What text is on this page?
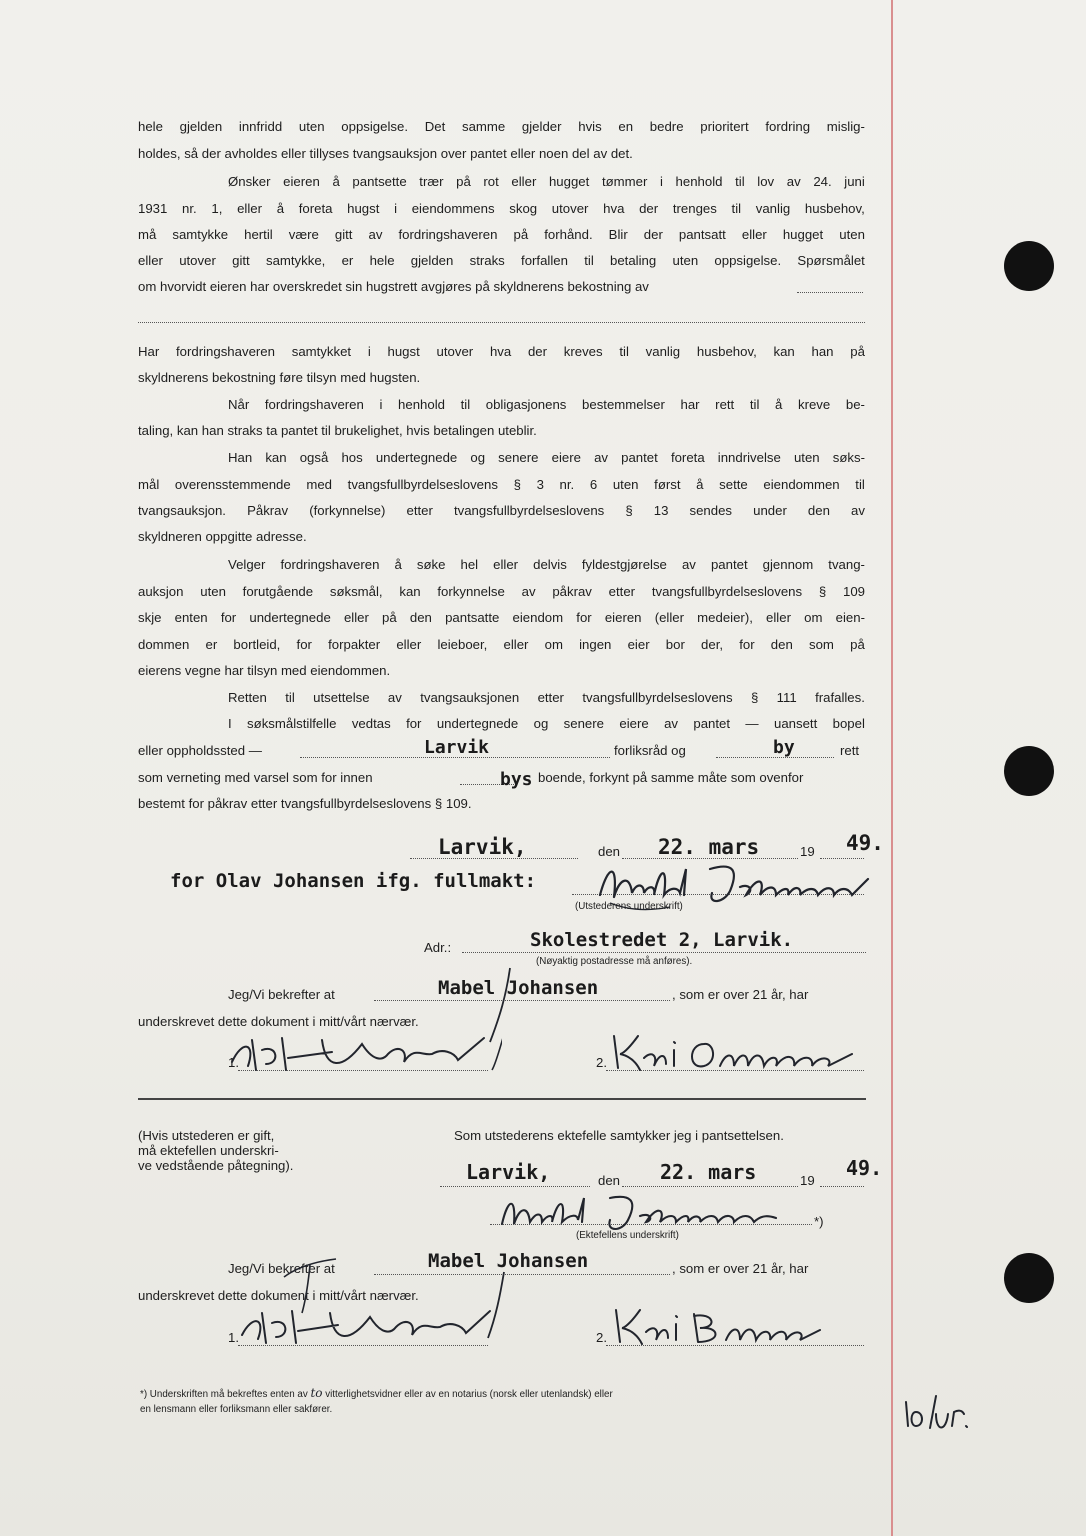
hele gjelden innfridd uten oppsigelse. Det samme gjelder hvis en bedre prioritert fordring mislig-
holdes, så der avholdes eller tillyses tvangsauksjon over pantet eller noen del av det.
Ønsker eieren å pantsette trær på rot eller hugget tømmer i henhold til lov av 24. juni
1931 nr. 1, eller å foreta hugst i eiendommens skog utover hva der trenges til vanlig husbehov,
må samtykke hertil være gitt av fordringshaveren på forhånd. Blir der pantsatt eller hugget uten
eller utover gitt samtykke, er hele gjelden straks forfallen til betaling uten oppsigelse. Spørsmålet
om hvorvidt eieren har overskredet sin hugstrett avgjøres på skyldnerens bekostning av
Har fordringshaveren samtykket i hugst utover hva der kreves til vanlig husbehov, kan han på
skyldnerens bekostning føre tilsyn med hugsten.
Når fordringshaveren i henhold til obligasjonens bestemmelser har rett til å kreve be-
taling, kan han straks ta pantet til brukelighet, hvis betalingen uteblir.
Han kan også hos undertegnede og senere eiere av pantet foreta inndrivelse uten søks-
mål overensstemmende med tvangsfullbyrdelseslovens § 3 nr. 6 uten først å sette eiendommen til
tvangsauksjon. Påkrav (forkynnelse) etter tvangsfullbyrdelseslovens § 13 sendes under den av
skyldneren oppgitte adresse.
Velger fordringshaveren å søke hel eller delvis fyldestgjørelse av pantet gjennom tvang-
auksjon uten forutgående søksmål, kan forkynnelse av påkrav etter tvangsfullbyrdelseslovens § 109
skje enten for undertegnede eller på den pantsatte eiendom for eieren (eller medeier), eller om eien-
dommen er bortleid, for forpakter eller leieboer, eller om ingen eier bor der, for den som på
eierens vegne har tilsyn med eiendommen.
Retten til utsettelse av tvangsauksjonen etter tvangsfullbyrdelseslovens § 111 frafalles.
I søksmålstilfelle vedtas for undertegnede og senere eiere av pantet — uansett bopel
eller oppholdssted —	Larvik	forliksråd og	by	rett
som verneting med varsel som for innen	bys boende, forkynt på samme måte som ovenfor
bestemt for påkrav etter tvangsfullbyrdelseslovens § 109.
Larvik,	den 22. mars	19 49.
for Olav Johansen ifg. fullmakt:
(Utstederens underskrift)
Adr.:	Skolestredet 2, Larvik.
(Nøyaktig postadresse må anføres).
Jeg/Vi bekrefter at	Mabel Johansen	, som er over 21 år, har
underskrevet dette dokument i mitt/vårt nærvær.
1.	2.
(Hvis utstederen er gift,
må ektefellen underskri-
ve vedstående påtegning).
Som utstederens ektefelle samtykker jeg i pantsettelsen.
Larvik,	den 22. mars	19
49.
*)
(Ektefellens underskrift)
Jeg/Vi bekrefter at	Mabel Johansen	, som er over 21 år, har
underskrevet dette dokument i mitt/vårt nærvær.
1.	2.
*) Underskriften må bekreftes enten av to vitterlighetsvidner eller av en notarius (norsk eller utenlandsk) eller
en lensmann eller forliksmann eller sakfører.
